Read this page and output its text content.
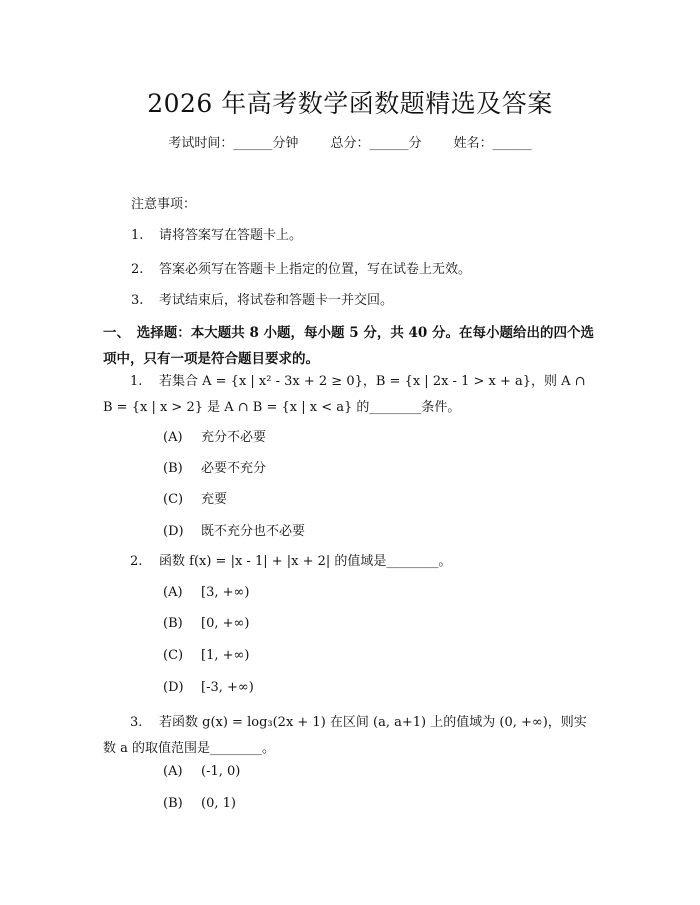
2026 年高考数学函数题精选及答案
考试时间：______分钟 总分：______分 姓名：______
注意事项：
1. 请将答案写在答题卡上。
2. 答案必须写在答题卡上指定的位置，写在试卷上无效。
3. 考试结束后，将试卷和答题卡一并交回。
一、　选择题：本大题共 8 小题，每小题 5 分，共 40 分。在每小题给出的四个选项中，只有一项是符合题目要求的。
1. 若集合 A = {x | x² - 3x + 2 ≥ 0}，B = {x | 2x - 1 > x + a}，则 A ∩ B = {x | x > 2} 是 A ∩ B = {x | x < a} 的________条件。
(A) 充分不必要
(B) 必要不充分
(C) 充要
(D) 既不充分也不必要
2. 函数 f(x) = |x - 1| + |x + 2| 的值域是________。
(A) [3, +∞)
(B) [0, +∞)
(C) [1, +∞)
(D) [-3, +∞)
3. 若函数 g(x) = log₃(2x + 1) 在区间 (a, a+1) 上的值域为 (0, +∞)，则实数 a 的取值范围是________。
(A) (-1, 0)
(B) (0, 1)
